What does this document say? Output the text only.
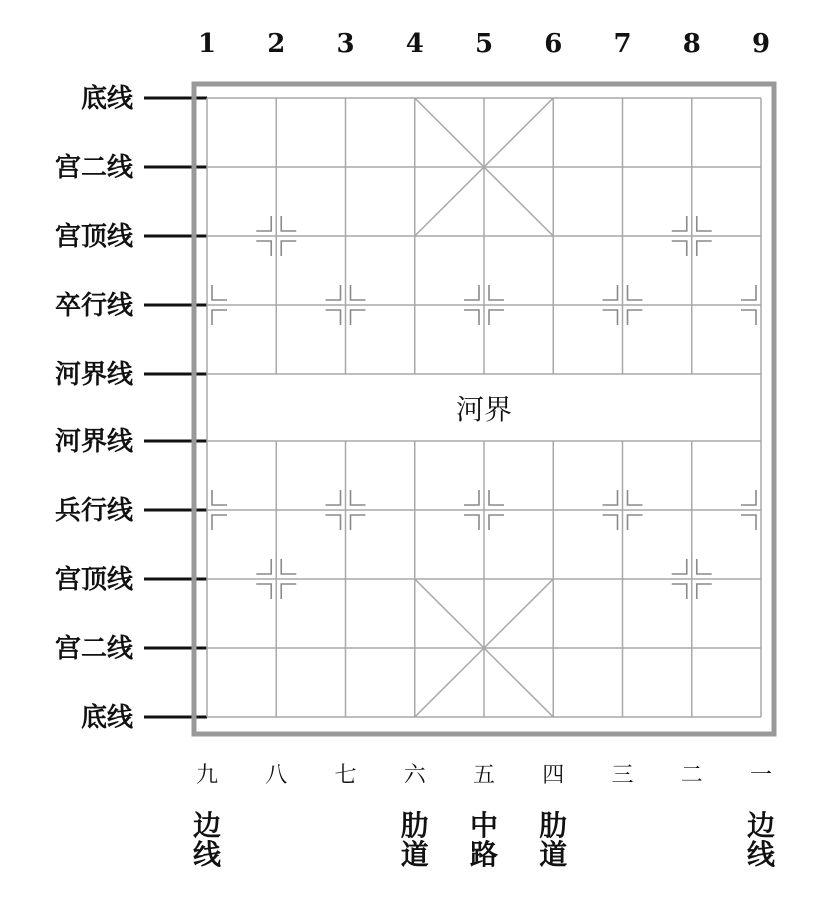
1 2 3 4 5 6 7 8 9
底线
宫二线
宫顶线
卒行线
河界线
河界线
兵行线
宫顶线
宫二线
底线
河界
九 八 七 六 五 四 三 二 一
边
线
肋
道
中
路
肋
道
边
线
